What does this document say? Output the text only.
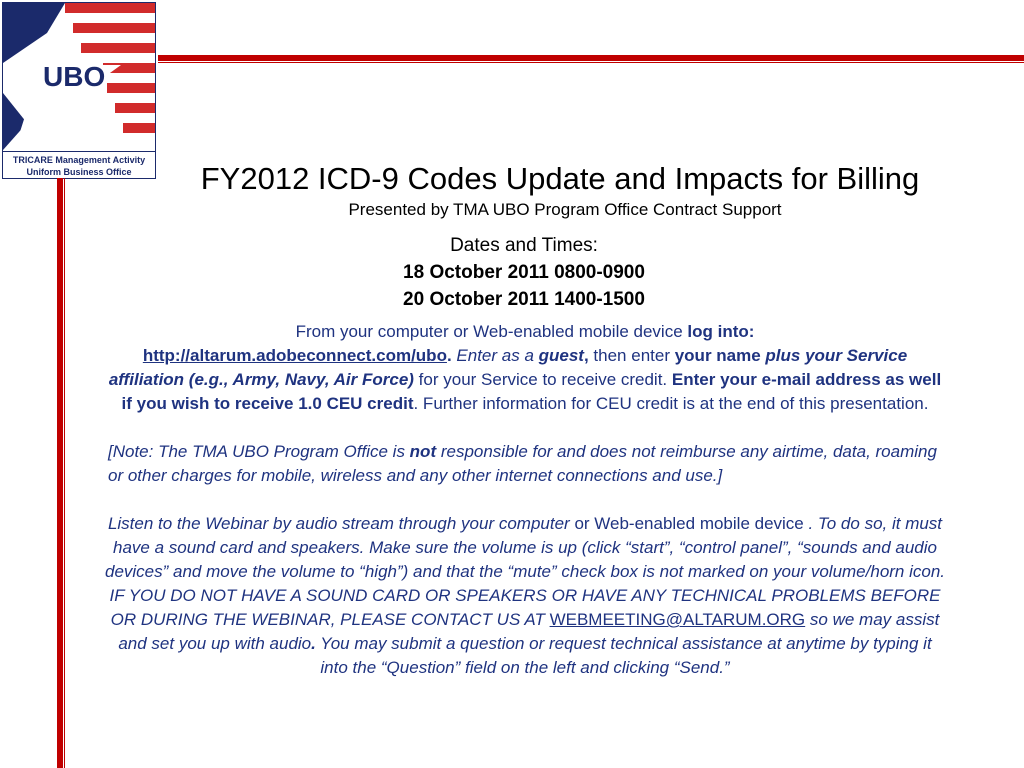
UBO
TRICARE Management Activity
Uniform Business Office	FY2012 ICD-9 Codes Update and Impacts for Billing
Presented by TMA UBO Program Office Contract Support
Dates and Times:
18 October 2011 0800-0900
20 October 2011 1400-1500
From your computer or Web-enabled mobile device log into:
http://altarum.adobeconnect.com/ubo. Enter as a guest, then enter your name plus your Service affiliation (e.g., Army, Navy, Air Force) for your Service to receive credit. Enter your e-mail address as well if you wish to receive 1.0 CEU credit. Further information for CEU credit is at the end of this presentation.
[Note: The TMA UBO Program Office is not responsible for and does not reimburse any airtime, data, roaming or other charges for mobile, wireless and any other internet connections and use.]
Listen to the Webinar by audio stream through your computer or Web-enabled mobile device . To do so, it must have a sound card and speakers. Make sure the volume is up (click “start”, “control panel”, “sounds and audio devices” and move the volume to “high”) and that the “mute” check box is not marked on your volume/horn icon. IF YOU DO NOT HAVE A SOUND CARD OR SPEAKERS OR HAVE ANY TECHNICAL PROBLEMS BEFORE OR DURING THE WEBINAR, PLEASE CONTACT US AT WEBMEETING@ALTARUM.ORG so we may assist and set you up with audio. You may submit a question or request technical assistance at anytime by typing it into the “Question” field on the left and clicking “Send.”
